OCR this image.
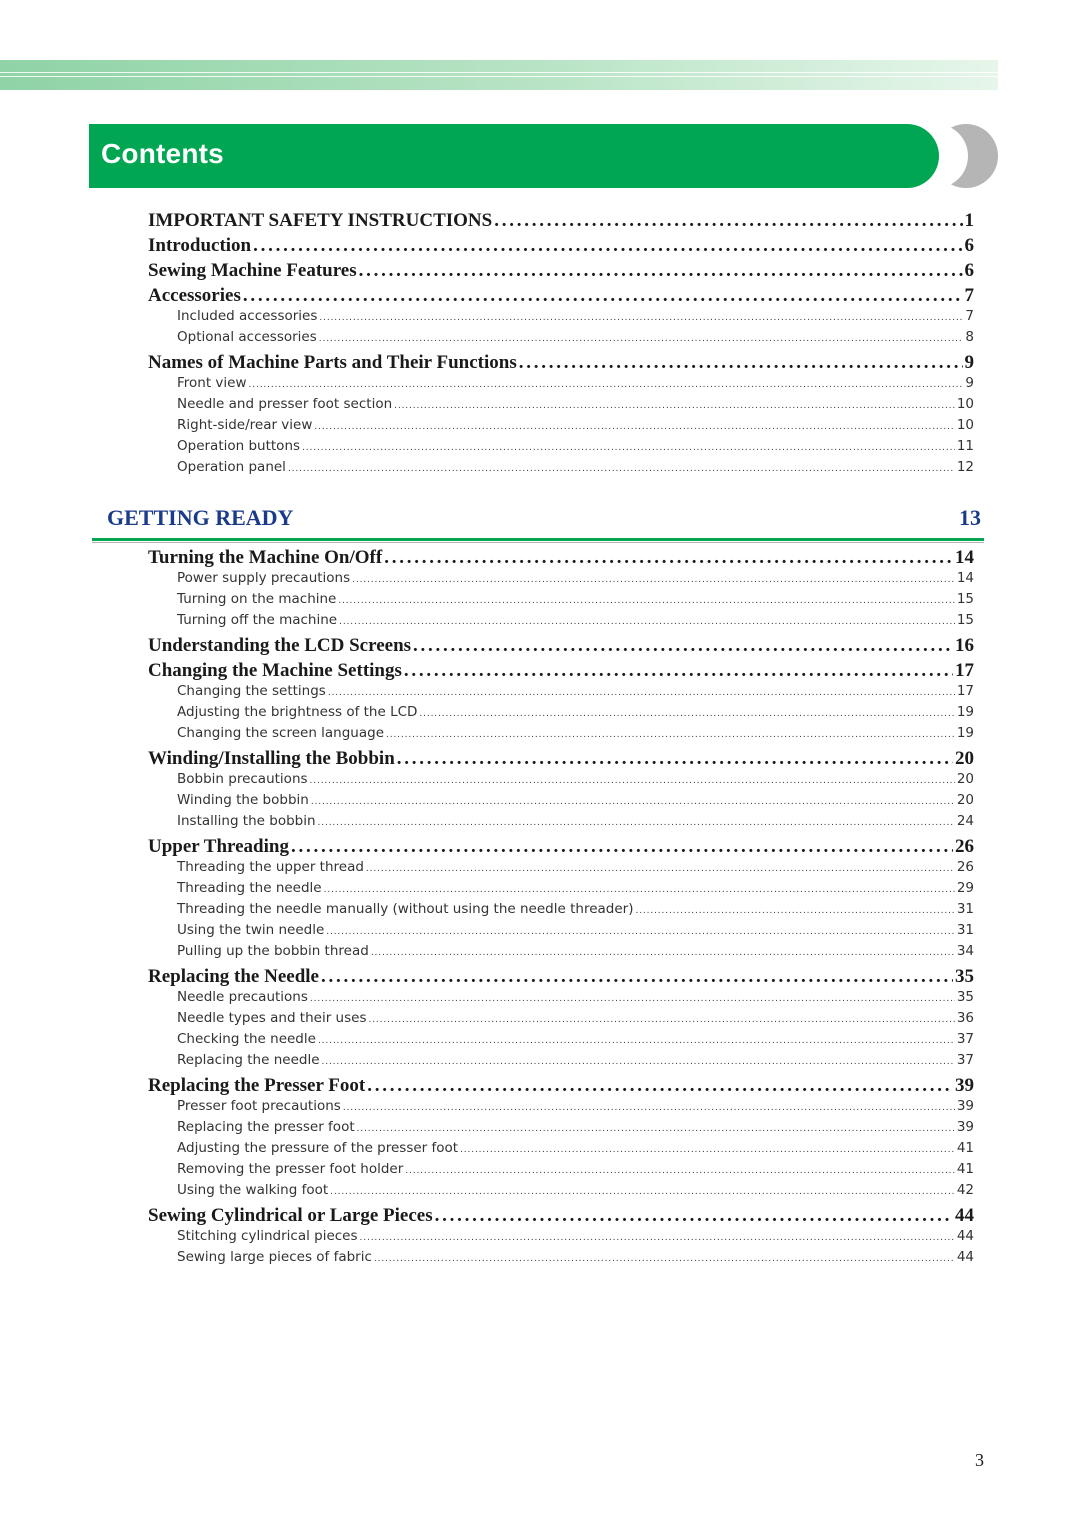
Contents
IMPORTANT SAFETY INSTRUCTIONS . . .	1
Introduction . . .	6
Sewing Machine Features . . .	6
Accessories . . .	7
Included accessories . . .	7
Optional accessories . . .	8
Names of Machine Parts and Their Functions . . .	9
Front view . . .	9
Needle and presser foot section . . .	10
Right-side/rear view . . .	10
Operation buttons . . .	11
Operation panel . . .	12
GETTING READY	13
Turning the Machine On/Off . . .	14
Power supply precautions . . .	14
Turning on the machine . . .	15
Turning off the machine . . .	15
Understanding the LCD Screens . . .	16
Changing the Machine Settings . . .	17
Changing the settings . . .	17
Adjusting the brightness of the LCD . . .	19
Changing the screen language . . .	19
Winding/Installing the Bobbin . . .	20
Bobbin precautions . . .	20
Winding the bobbin . . .	20
Installing the bobbin . . .	24
Upper Threading . . .	26
Threading the upper thread . . .	26
Threading the needle . . .	29
Threading the needle manually (without using the needle threader) . . .	31
Using the twin needle . . .	31
Pulling up the bobbin thread . . .	34
Replacing the Needle . . .	35
Needle precautions . . .	35
Needle types and their uses . . .	36
Checking the needle . . .	37
Replacing the needle . . .	37
Replacing the Presser Foot . . .	39
Presser foot precautions . . .	39
Replacing the presser foot . . .	39
Adjusting the pressure of the presser foot . . .	41
Removing the presser foot holder . . .	41
Using the walking foot . . .	42
Sewing Cylindrical or Large Pieces . . .	44
Stitching cylindrical pieces . . .	44
Sewing large pieces of fabric . . .	44
3
